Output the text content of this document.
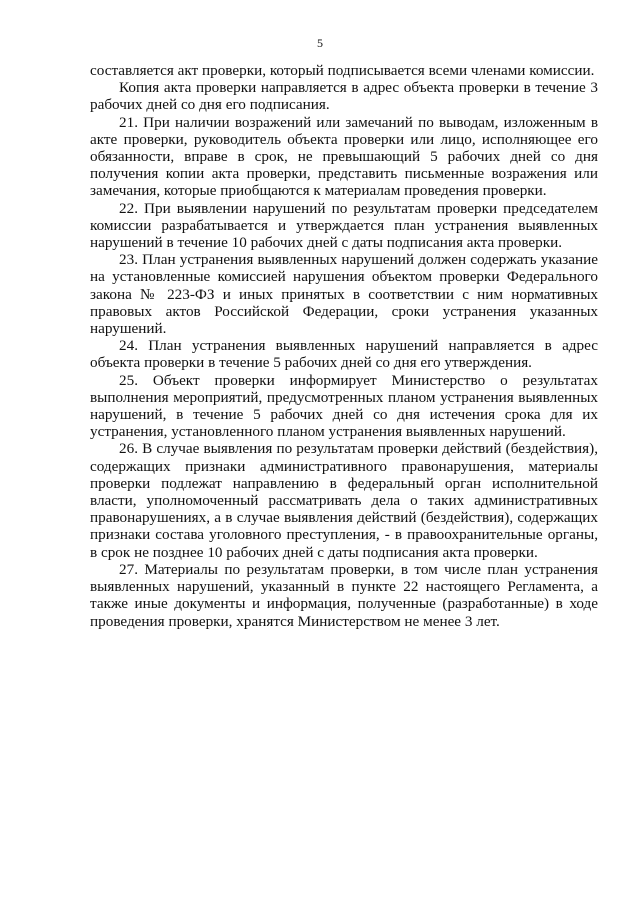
5

составляется акт проверки, который подписывается всеми членами комиссии.

Копия акта проверки направляется в адрес объекта проверки в течение 3 рабочих дней со дня его подписания.

21. При наличии возражений или замечаний по выводам, изложенным в акте проверки, руководитель объекта проверки или лицо, исполняющее его обязанности, вправе в срок, не превышающий 5 рабочих дней со дня получения копии акта проверки, представить письменные возражения или замечания, которые приобщаются к материалам проведения проверки.

22. При выявлении нарушений по результатам проверки председателем комиссии разрабатывается и утверждается план устранения выявленных нарушений в течение 10 рабочих дней с даты подписания акта проверки.

23. План устранения выявленных нарушений должен содержать указание на установленные комиссией нарушения объектом проверки Федерального закона № 223-ФЗ и иных принятых в соответствии с ним нормативных правовых актов Российской Федерации, сроки устранения указанных нарушений.

24. План устранения выявленных нарушений направляется в адрес объекта проверки в течение 5 рабочих дней со дня его утверждения.

25. Объект проверки информирует Министерство о результатах выполнения мероприятий, предусмотренных планом устранения выявленных нарушений, в течение 5 рабочих дней со дня истечения срока для их устранения, установленного планом устранения выявленных нарушений.

26. В случае выявления по результатам проверки действий (бездействия), содержащих признаки административного правонарушения, материалы проверки подлежат направлению в федеральный орган исполнительной власти, уполномоченный рассматривать дела о таких административных правонарушениях, а в случае выявления действий (бездействия), содержащих признаки состава уголовного преступления, - в правоохранительные органы, в срок не позднее 10 рабочих дней с даты подписания акта проверки.

27. Материалы по результатам проверки, в том числе план устранения выявленных нарушений, указанный в пункте 22 настоящего Регламента, а также иные документы и информация, полученные (разработанные) в ходе проведения проверки, хранятся Министерством не менее 3 лет.
